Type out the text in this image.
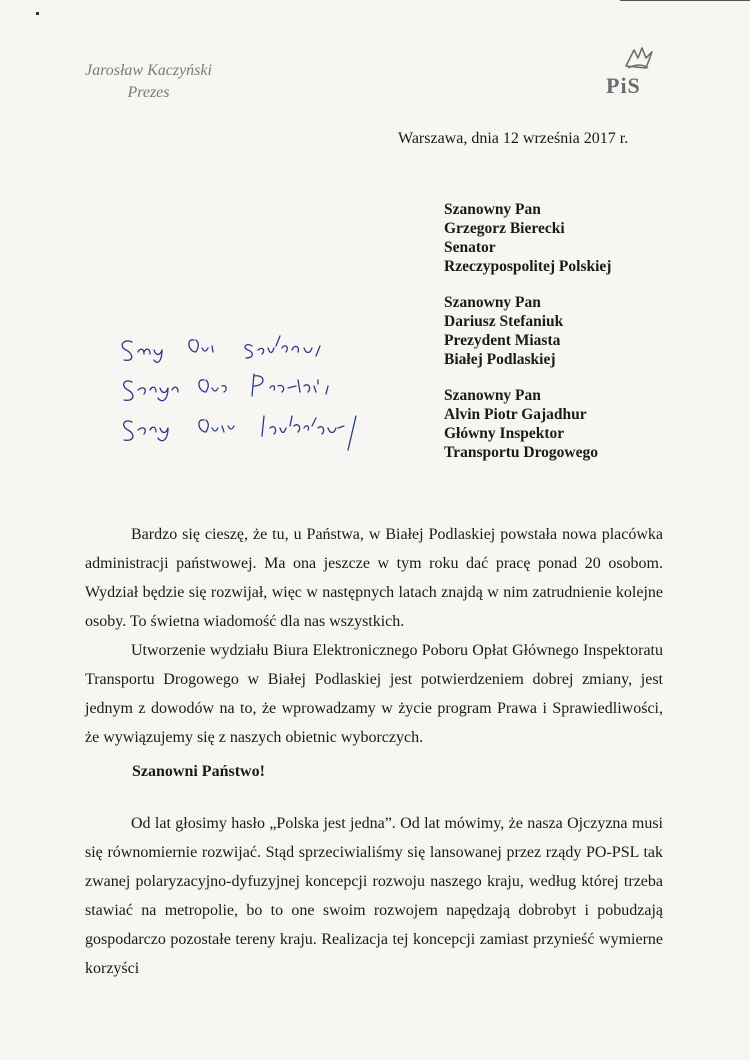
Jarosław Kaczyński
Prezes	PiS
Warszawa, dnia 12 września 2017 r.
Szanowny Pan
Grzegorz Bierecki
Senator
Rzeczypospolitej Polskiej
Szanowny Pan
Dariusz Stefaniuk
Prezydent Miasta
Białej Podlaskiej
Szanowny Pan
Alvin Piotr Gajadhur
Główny Inspektor
Transportu Drogowego
Bardzo się cieszę, że tu, u Państwa, w Białej Podlaskiej powstała nowa placówka administracji państwowej. Ma ona jeszcze w tym roku dać pracę ponad 20 osobom. Wydział będzie się rozwijał, więc w następnych latach znajdą w nim zatrudnienie kolejne osoby. To świetna wiadomość dla nas wszystkich.
Utworzenie wydziału Biura Elektronicznego Poboru Opłat Głównego Inspektoratu Transportu Drogowego w Białej Podlaskiej jest potwierdzeniem dobrej zmiany, jest jednym z dowodów na to, że wprowadzamy w życie program Prawa i Sprawiedliwości, że wywiązujemy się z naszych obietnic wyborczych.
Szanowni Państwo!
Od lat głosimy hasło „Polska jest jedna”. Od lat mówimy, że nasza Ojczyzna musi się równomiernie rozwijać. Stąd sprzeciwialiśmy się lansowanej przez rządy PO-PSL tak zwanej polaryzacyjno-dyfuzyjnej koncepcji rozwoju naszego kraju, według której trzeba stawiać na metropolie, bo to one swoim rozwojem napędzają dobrobyt i pobudzają gospodarczo pozostałe tereny kraju. Realizacja tej koncepcji zamiast przynieść wymierne korzyści
